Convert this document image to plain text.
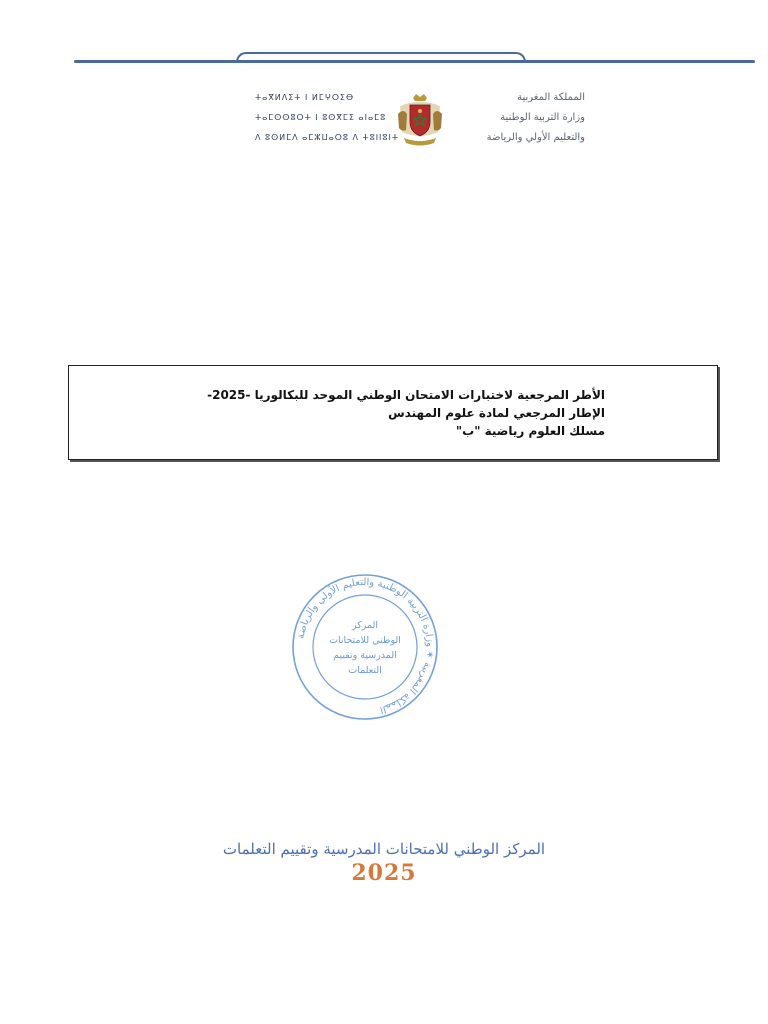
ⵜⴰⴳⵍⴷⵉⵜ ⵏ ⵍⵎⵖⵔⵉⴱ
ⵜⴰⵎⵙⵙⵓⵔⵜ ⵏ ⵓⵙⴳⵎⵉ ⴰⵏⴰⵎⵓ
ⴷ ⵓⵙⵍⵎⴷ ⴰⵎⵣⵡⴰⵔⵓ ⴷ ⵜⵓⵏⵏⵓⵏⵜ
المملكة المغربية
وزارة التربية الوطنية
والتعليم الأولي والرياضة
الأطر المرجعية لاختبارات الامتحان الوطني الموحد للبكالوريا -2025-
الإطار المرجعي لمادة علوم المهندس
مسلك العلوم رياضية "ب"
المملكة المغربية ✶ وزارة التربية الوطنية والتعليم الأولي والرياضة
المركز
الوطني للامتحانات
المدرسية وتقييم
التعلمات
المركز الوطني للامتحانات المدرسية وتقييم التعلمات
2025
